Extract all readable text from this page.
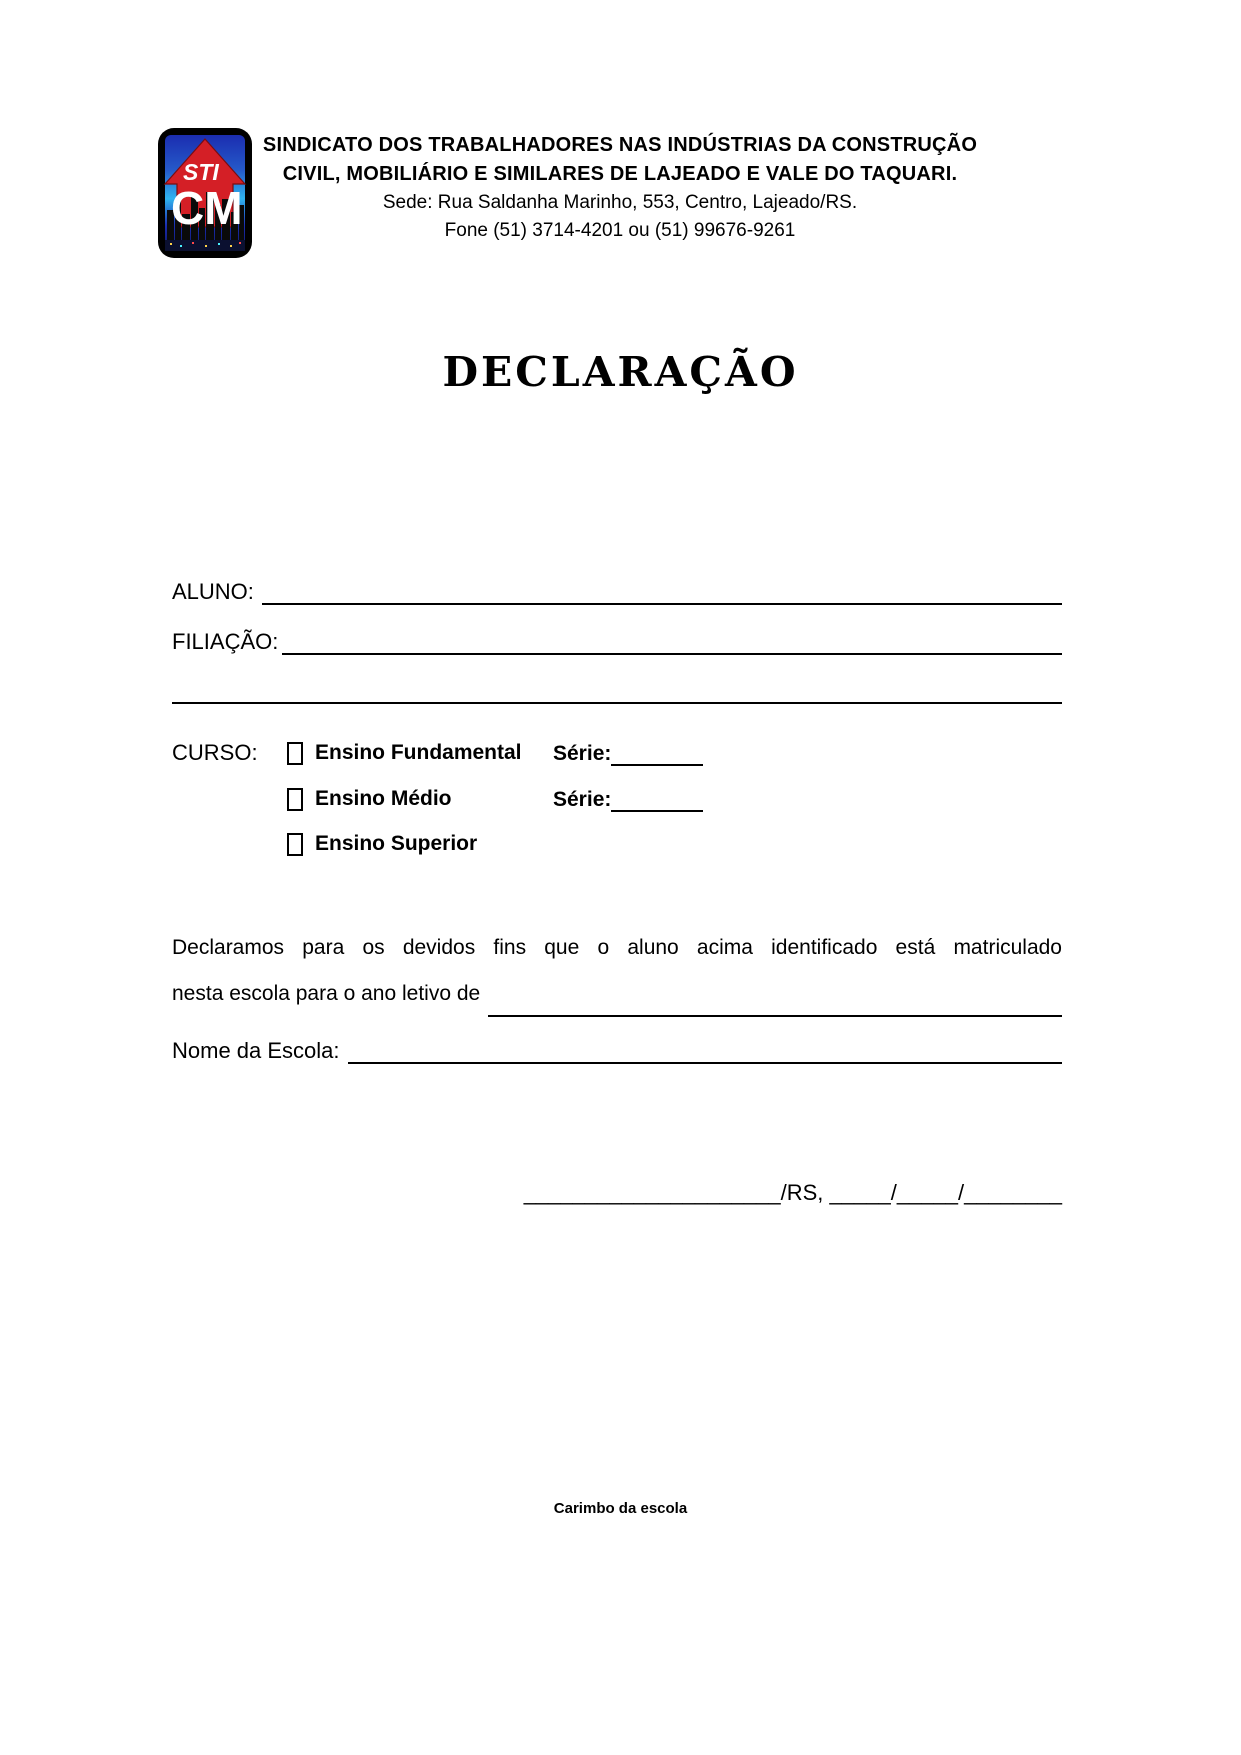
STI
CM
SINDICATO DOS TRABALHADORES NAS INDÚSTRIAS DA CONSTRUÇÃO
CIVIL, MOBILIÁRIO E SIMILARES DE LAJEADO E VALE DO TAQUARI.
Sede: Rua Saldanha Marinho, 553, Centro, Lajeado/RS.
Fone (51) 3714-4201 ou (51) 99676-9261
DECLARAÇÃO
ALUNO:
FILIAÇÃO:
CURSO:	Ensino Fundamental Série:
Ensino Médio	Série:
Ensino Superior
Declaramos para os devidos fins que o aluno acima identificado está matriculado
nesta escola para o ano letivo de
Nome da Escola:
_____________________/RS, _____/_____/________
Carimbo da escola
